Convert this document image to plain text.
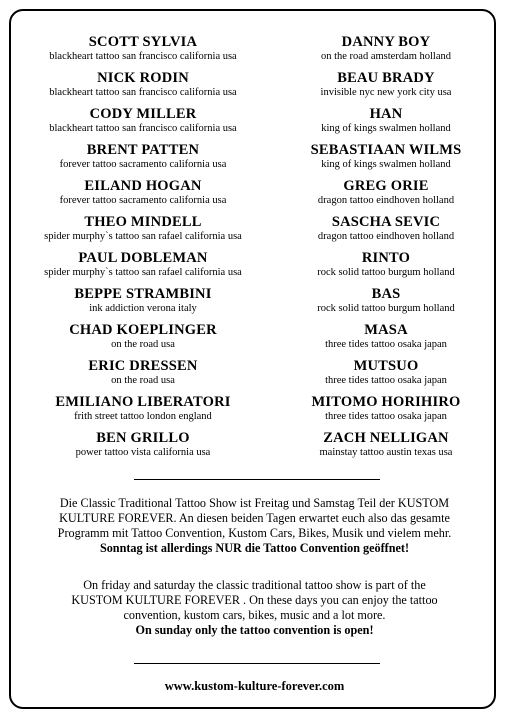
SCOTT SYLVIA
blackheart tattoo san francisco california usa
NICK RODIN
blackheart tattoo san francisco california usa
CODY MILLER
blackheart tattoo san francisco california usa
BRENT PATTEN
forever tattoo sacramento california usa
EILAND HOGAN
forever tattoo sacramento california usa
THEO MINDELL
spider murphy`s tattoo san rafael california usa
PAUL DOBLEMAN
spider murphy`s tattoo san rafael california usa
BEPPE STRAMBINI
ink addiction verona italy
CHAD KOEPLINGER
on the road usa
ERIC DRESSEN
on the road usa
EMILIANO LIBERATORI
frith street tattoo london england
BEN GRILLO
power tattoo vista california usa
DANNY BOY
on the road amsterdam holland
BEAU BRADY
invisible nyc new york city usa
HAN
king of kings swalmen holland
SEBASTIAAN WILMS
king of kings swalmen holland
GREG ORIE
dragon tattoo eindhoven holland
SASCHA SEVIC
dragon tattoo eindhoven holland
RINTO
rock solid tattoo burgum holland
BAS
rock solid tattoo burgum holland
MASA
three tides tattoo osaka japan
MUTSUO
three tides tattoo osaka japan
MITOMO HORIHIRO
three tides tattoo osaka japan
ZACH NELLIGAN
mainstay tattoo austin texas usa
Die Classic Traditional Tattoo Show ist Freitag und Samstag Teil der KUSTOM
KULTURE FOREVER. An diesen beiden Tagen erwartet euch also das gesamte
Programm mit Tattoo Convention, Kustom Cars, Bikes, Musik und vielem mehr.
Sonntag ist allerdings NUR die Tattoo Convention geöffnet!
On friday and saturday the classic traditional tattoo show is part of the
KUSTOM KULTURE FOREVER . On these days you can enjoy the tattoo
convention, kustom cars, bikes, music and a lot more.
On sunday only the tattoo convention is open!
www.kustom-kulture-forever.com
